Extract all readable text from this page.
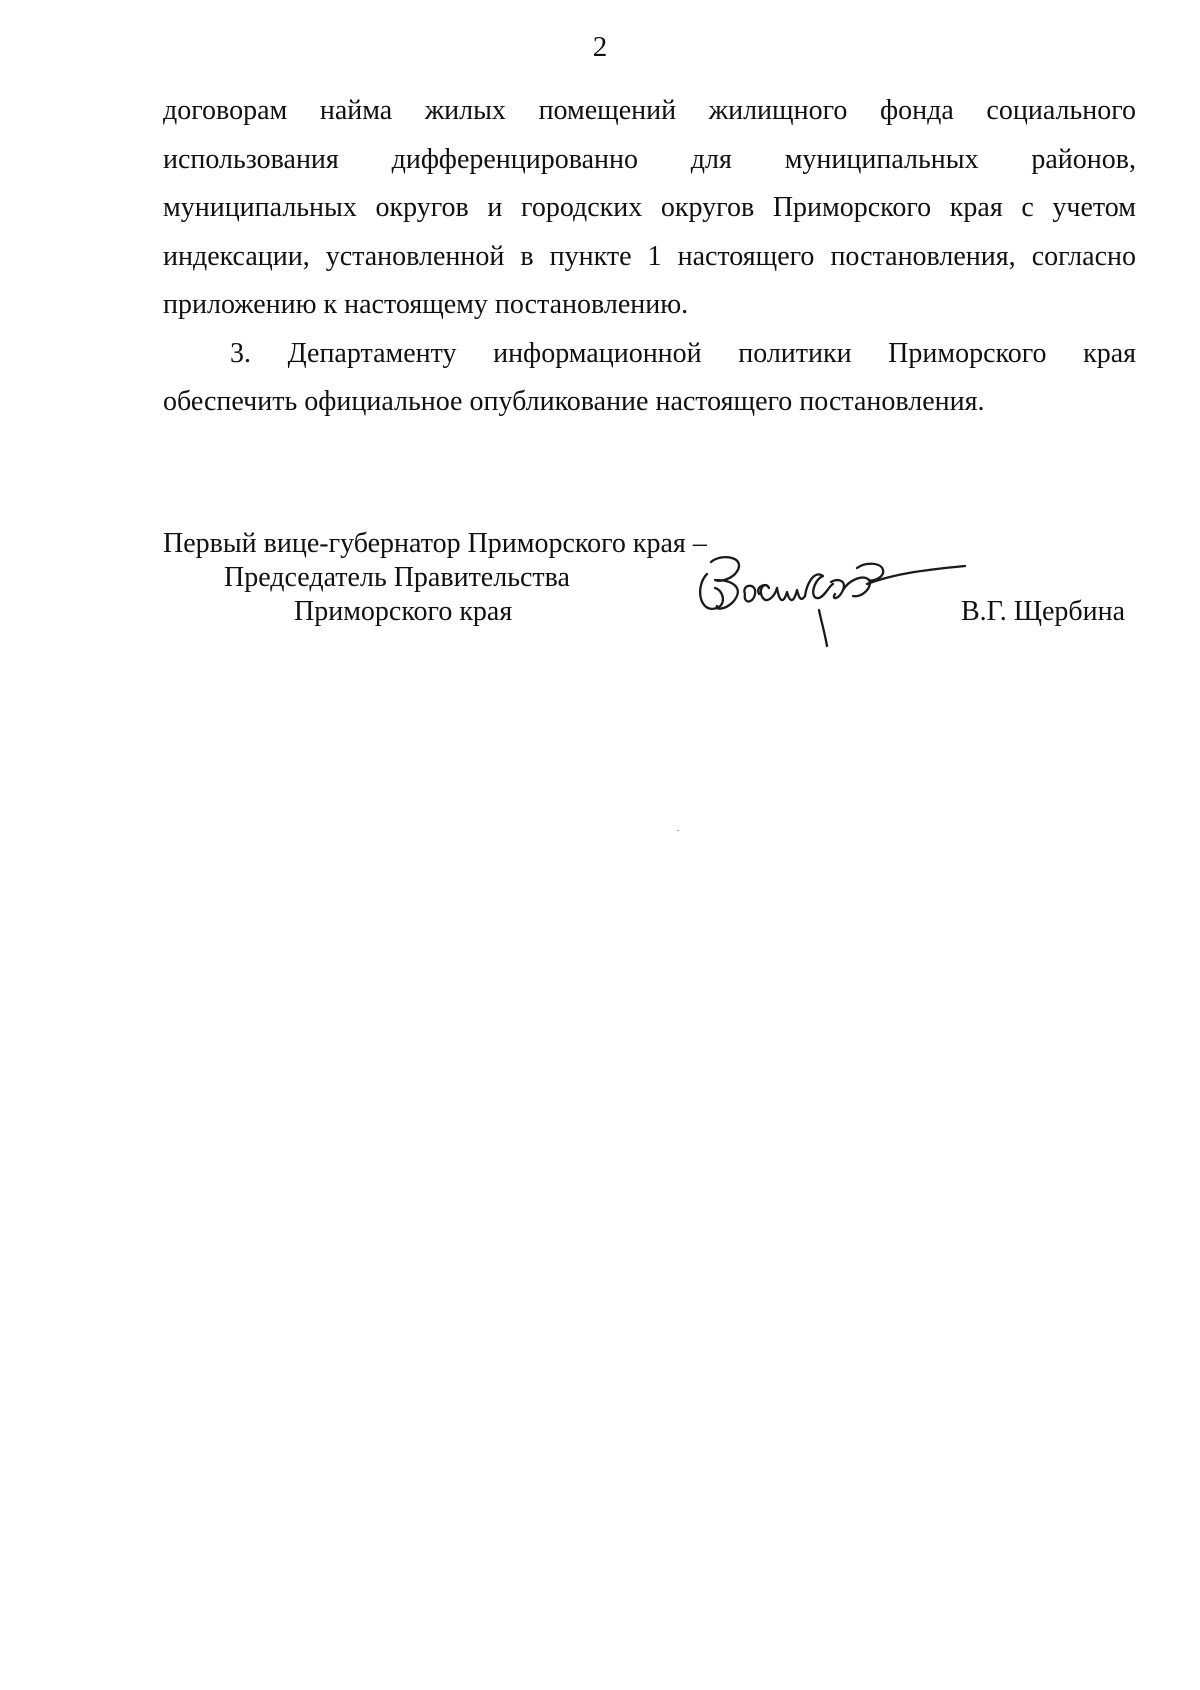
2
договорам найма жилых помещений жилищного фонда социального
использования дифференцированно для муниципальных районов,
муниципальных округов и городских округов Приморского края с учетом
индексации, установленной в пункте 1 настоящего постановления, согласно
приложению к настоящему постановлению.
3. Департаменту информационной политики Приморского края
обеспечить официальное опубликование настоящего постановления.
Первый вице-губернатор Приморского края –
Председатель Правительства
Приморского края	В.Г. Щербина
